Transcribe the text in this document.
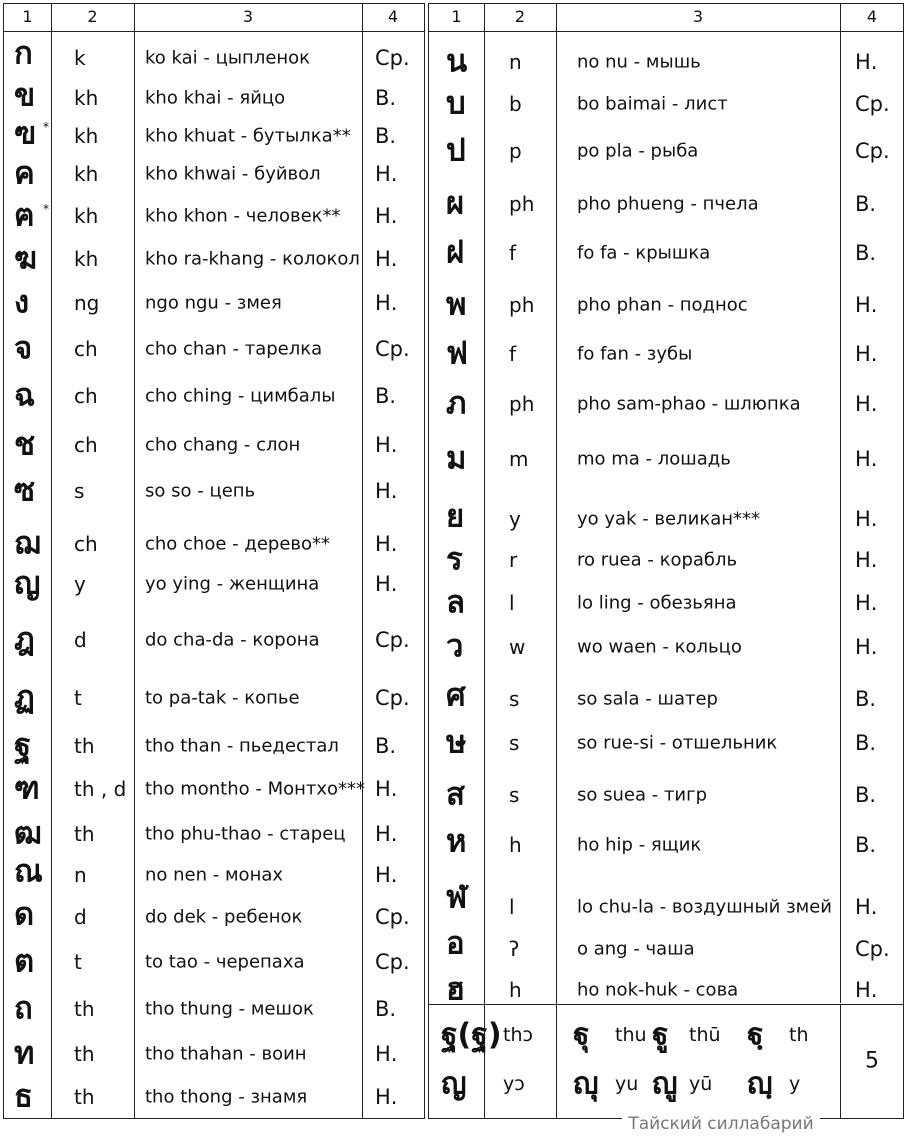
1	2	3	4
ก k	ko kai - цыпленок	Ср.
ข kh	kho khai - яйцо	В.
ฃ kh	kho khuat - бутылка** В.
*
ค kh	kho khwai - буйвол	Н.
ฅ kh	kho khon - человек** Н.
*
ฆ kh	kho ra-khang - колокол Н.
ง ng	ngo ngu - змея	Н.
จ ch	cho chan - тарелка	Ср.
ฉ ch	cho ching - цимбалы В.
ช ch	cho chang - слон	Н.
ซ s	so so - цепь	Н.
ฌ ch	cho choe - дерево** Н.
ญ y	yo ying - женщина	Н.
ฎ d	do cha-da - корона	Ср.
ฏ t	to pa-tak - копье	Ср.
ฐ th	tho than - пьедестал В.
ฑ th , d tho montho - Монтхо*** Н.
ฒ th	tho phu-thao - старец Н.
ณ n	no nen - монах	Н.
ด d	do dek - ребенок	Ср.
ต t	to tao - черепаха	Ср.
ถ th	tho thung - мешок	В.
ท th	tho thahan - воин	Н.
ธ th	tho thong - знамя	Н.
1	2	3	4
น n	no nu - мышь	Н.
บ b	bo baimai - лист	Ср.
ป p	po pla - рыба	Ср.
ผ ph pho phueng - пчела	В.
ฝ f	fo fa - крышка	В.
พ ph pho phan - поднос	Н.
ฟ f	fo fan - зубы	Н.
ภ ph pho sam-phao - шлюпка	Н.
ม m	mo ma - лошадь	Н.
ย y	yo yak - великан***	Н.
ร r	ro ruea - корабль	Н.
ล l	lo ling - обезьяна	Н.
ว w	wo waen - кольцо	Н.
ศ s	so sala - шатер	В.
ษ s	so rue-si - отшельник	В.
ส s	so suea - тигр	В.
ห h	ho hip - ящик	В.
ฬ l	lo chu-la - воздушный змей Н.
อ ʔ	o ang - чаша	Ср.
ฮ h	ho nok-huk - сова	Н.
ฐ(ฐ) thɔ ฐุ thu ฐู thū ฐฺ th
ญ yɔ ญุ yu ญู yū ญฺ y
5
Тайский силлабарий
